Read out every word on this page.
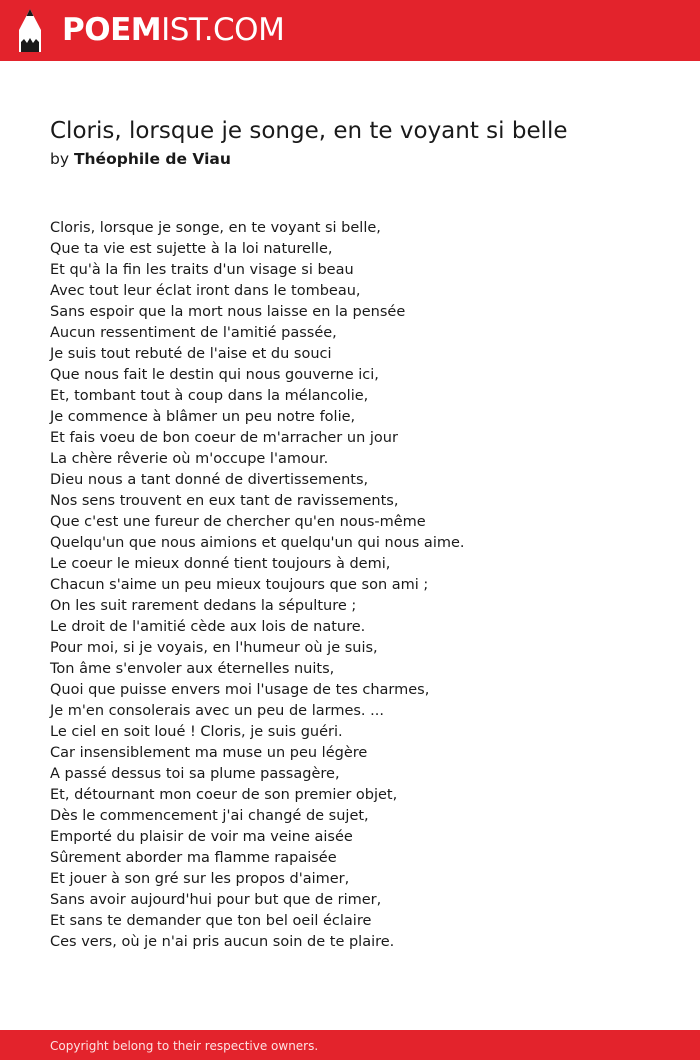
POEMIST.COM
Cloris, lorsque je songe, en te voyant si belle
by Théophile de Viau
Cloris, lorsque je songe, en te voyant si belle,
Que ta vie est sujette à la loi naturelle,
Et qu'à la fin les traits d'un visage si beau
Avec tout leur éclat iront dans le tombeau,
Sans espoir que la mort nous laisse en la pensée
Aucun ressentiment de l'amitié passée,
Je suis tout rebuté de l'aise et du souci
Que nous fait le destin qui nous gouverne ici,
Et, tombant tout à coup dans la mélancolie,
Je commence à blâmer un peu notre folie,
Et fais voeu de bon coeur de m'arracher un jour
La chère rêverie où m'occupe l'amour.
Dieu nous a tant donné de divertissements,
Nos sens trouvent en eux tant de ravissements,
Que c'est une fureur de chercher qu'en nous-même
Quelqu'un que nous aimions et quelqu'un qui nous aime.
Le coeur le mieux donné tient toujours à demi,
Chacun s'aime un peu mieux toujours que son ami ;
On les suit rarement dedans la sépulture ;
Le droit de l'amitié cède aux lois de nature.
Pour moi, si je voyais, en l'humeur où je suis,
Ton âme s'envoler aux éternelles nuits,
Quoi que puisse envers moi l'usage de tes charmes,
Je m'en consolerais avec un peu de larmes. ...
Le ciel en soit loué ! Cloris, je suis guéri.
Car insensiblement ma muse un peu légère
A passé dessus toi sa plume passagère,
Et, détournant mon coeur de son premier objet,
Dès le commencement j'ai changé de sujet,
Emporté du plaisir de voir ma veine aisée
Sûrement aborder ma flamme rapaisée
Et jouer à son gré sur les propos d'aimer,
Sans avoir aujourd'hui pour but que de rimer,
Et sans te demander que ton bel oeil éclaire
Ces vers, où je n'ai pris aucun soin de te plaire.
Copyright belong to their respective owners.
